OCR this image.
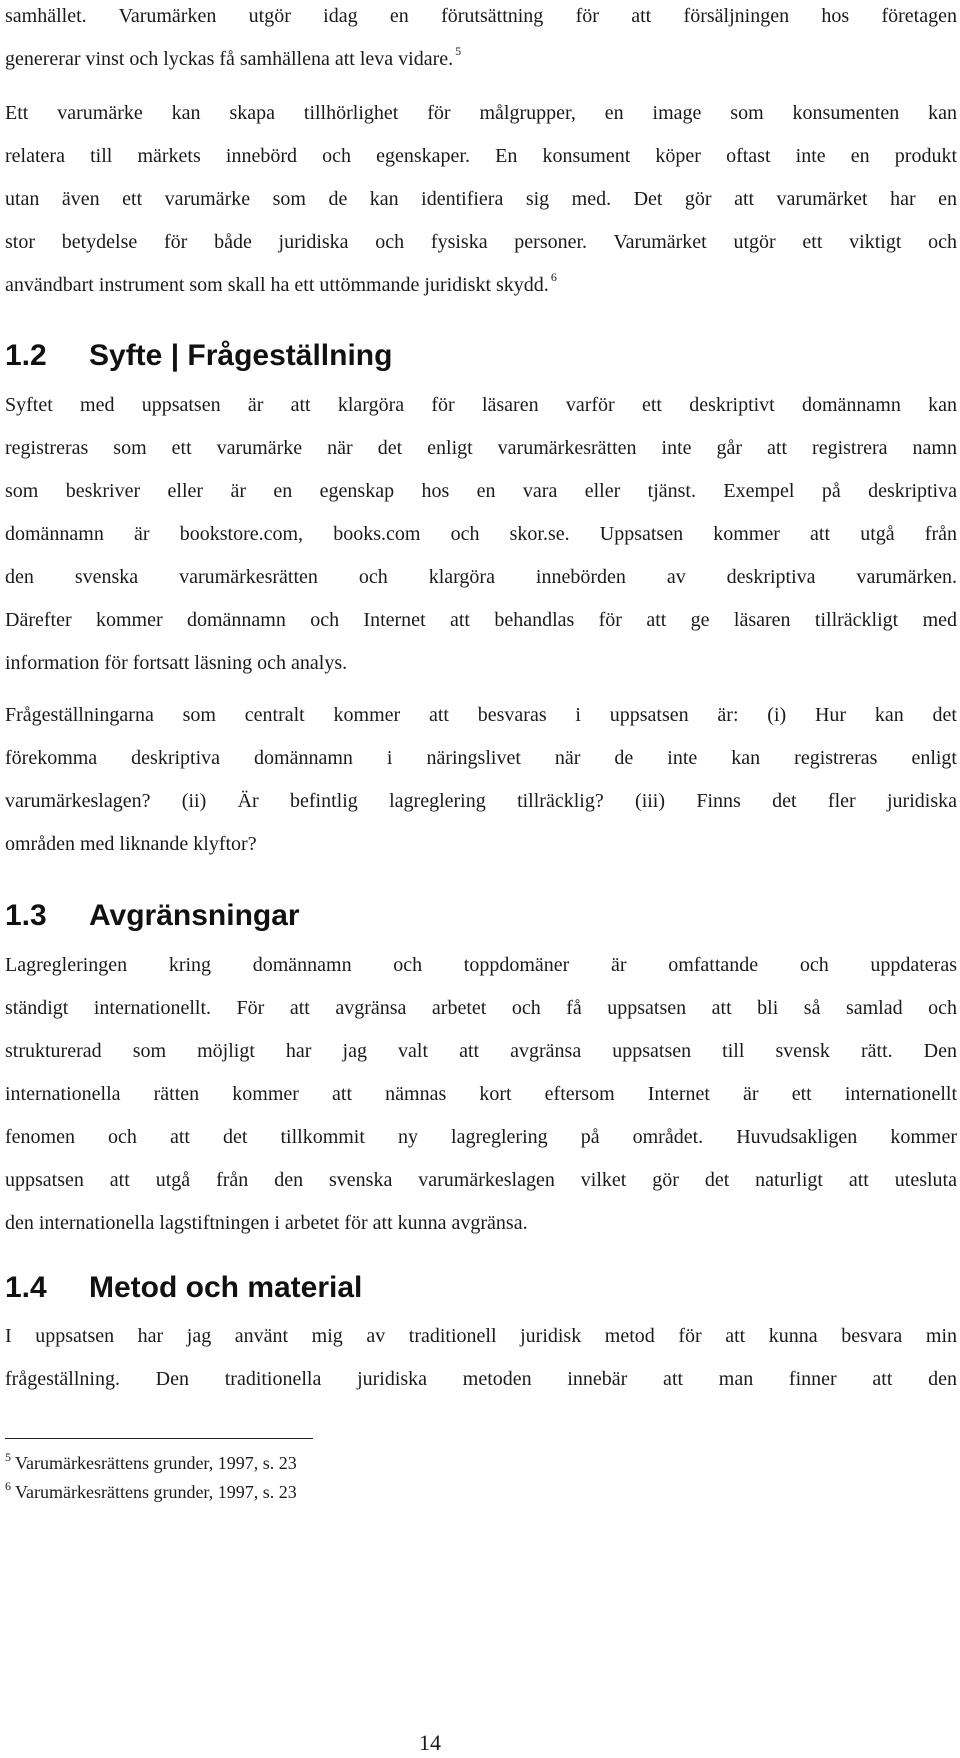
samhället. Varumärken utgör idag en förutsättning för att försäljningen hos företagen
genererar vinst och lyckas få samhällena att leva vidare. $^5$
Ett varumärke kan skapa tillhörlighet för målgrupper, en image som konsumenten kan
relatera till märkets innebörd och egenskaper. En konsument köper oftast inte en produkt
utan även ett varumärke som de kan identifiera sig med. Det gör att varumärket har en
stor betydelse för både juridiska och fysiska personer. Varumärket utgör ett viktigt och
användbart instrument som skall ha ett uttömmande juridiskt skydd. $^6$
1.2 Syfte | Frågeställning
Syftet med uppsatsen är att klargöra för läsaren varför ett deskriptivt domännamn kan
registreras som ett varumärke när det enligt varumärkesrätten inte går att registrera namn
som beskriver eller är en egenskap hos en vara eller tjänst. Exempel på deskriptiva
domännamn är bookstore.com, books.com och skor.se. Uppsatsen kommer att utgå från
den svenska varumärkesrätten och klargöra innebörden av deskriptiva varumärken.
Därefter kommer domännamn och Internet att behandlas för att ge läsaren tillräckligt med
information för fortsatt läsning och analys.
Frågeställningarna som centralt kommer att besvaras i uppsatsen är: (i) Hur kan det
förekomma deskriptiva domännamn i näringslivet när de inte kan registreras enligt
varumärkeslagen? (ii) Är befintlig lagreglering tillräcklig? (iii) Finns det fler juridiska
områden med liknande klyftor?
1.3 Avgränsningar
Lagregleringen kring domännamn och toppdomäner är omfattande och uppdateras
ständigt internationellt. För att avgränsa arbetet och få uppsatsen att bli så samlad och
strukturerad som möjligt har jag valt att avgränsa uppsatsen till svensk rätt. Den
internationella rätten kommer att nämnas kort eftersom Internet är ett internationellt
fenomen och att det tillkommit ny lagreglering på området. Huvudsakligen kommer
uppsatsen att utgå från den svenska varumärkeslagen vilket gör det naturligt att utesluta
den internationella lagstiftningen i arbetet för att kunna avgränsa.
1.4 Metod och material
I uppsatsen har jag använt mig av traditionell juridisk metod för att kunna besvara min
frågeställning. Den traditionella juridiska metoden innebär att man finner att den
$^5$ Varumärkesrättens grunder, 1997, s. 23
$^6$ Varumärkesrättens grunder, 1997, s. 23
14
